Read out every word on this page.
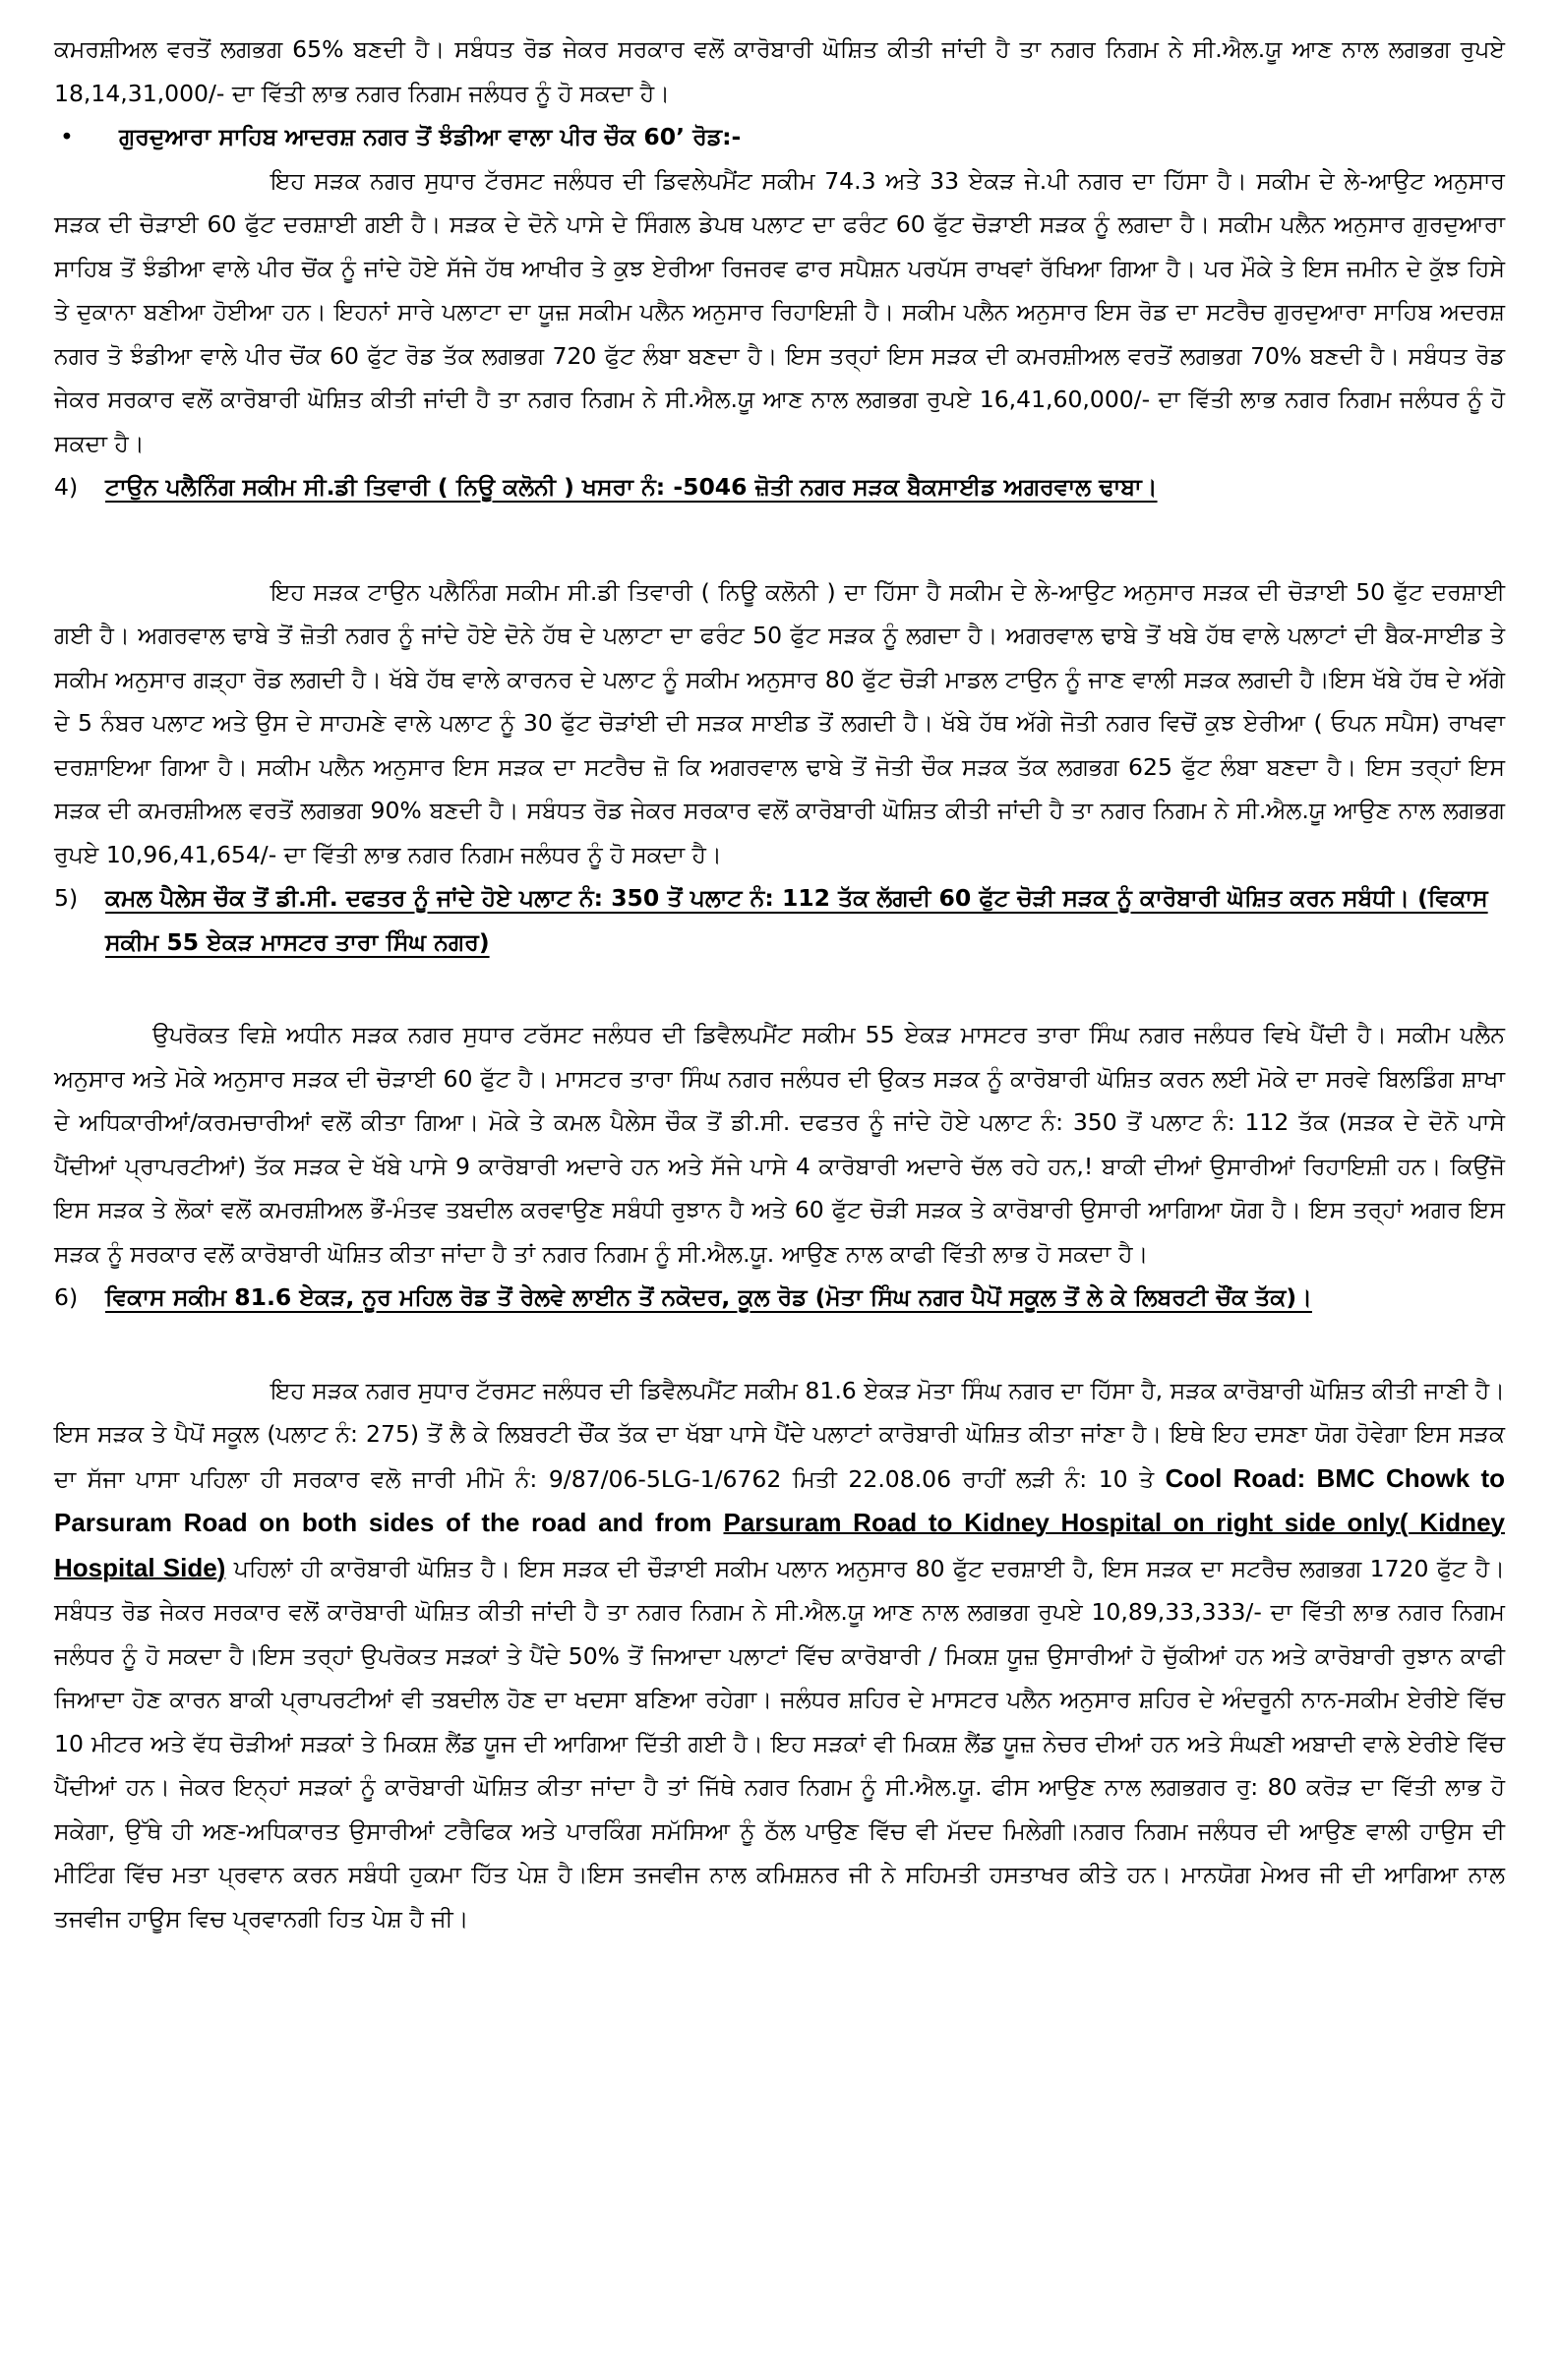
ਕਮਰਸ਼ੀਅਲ ਵਰਤੋਂ ਲਗਭਗ 65% ਬਣਦੀ ਹੈ। ਸਬੰਧਤ ਰੋਡ ਜੇਕਰ ਸਰਕਾਰ ਵਲੋਂ ਕਾਰੋਬਾਰੀ ਘੋਸ਼ਿਤ ਕੀਤੀ ਜਾਂਦੀ ਹੈ ਤਾ ਨਗਰ ਨਿਗਮ ਨੇ ਸੀ.ਐਲ.ਯੂ ਆਣ ਨਾਲ ਲਗਭਗ ਰੁਪਏ 18,14,31,000/- ਦਾ ਵਿੱਤੀ ਲਾਭ ਨਗਰ ਨਿਗਮ ਜਲੰਧਰ ਨੂੰ ਹੋ ਸਕਦਾ ਹੈ।

•	ਗੁਰਦੁਆਰਾ ਸਾਹਿਬ ਆਦਰਸ਼ ਨਗਰ ਤੋਂ ਝੰਡੀਆ ਵਾਲਾ ਪੀਰ ਚੌਕ 60’ ਰੋਡ:-

ਇਹ ਸੜਕ ਨਗਰ ਸੁਧਾਰ ਟੱਰਸਟ ਜਲੰਧਰ ਦੀ ਡਿਵਲੇਪਮੈਂਟ ਸਕੀਮ 74.3 ਅਤੇ 33 ਏਕੜ ਜੇ.ਪੀ ਨਗਰ ਦਾ ਹਿੱਸਾ ਹੈ। ਸਕੀਮ ਦੇ ਲੇ-ਆਉਟ ਅਨੁਸਾਰ ਸੜਕ ਦੀ ਚੋੜਾਈ 60 ਫੁੱਟ ਦਰਸ਼ਾਈ ਗਈ ਹੈ। ਸੜਕ ਦੇ ਦੋਨੇ ਪਾਸੇ ਦੇ ਸਿੰਗਲ ਡੇਪਥ ਪਲਾਟ ਦਾ ਫਰੰਟ 60 ਫੁੱਟ ਚੋੜਾਈ ਸੜਕ ਨੂੰ ਲਗਦਾ ਹੈ। ਸਕੀਮ ਪਲੈਨ ਅਨੁਸਾਰ ਗੁਰਦੁਆਰਾ ਸਾਹਿਬ ਤੋਂ ਝੰਡੀਆ ਵਾਲੇ ਪੀਰ ਚੋਂਕ ਨੂੰ ਜਾਂਦੇ ਹੋਏ ਸੱਜੇ ਹੱਥ ਆਖੀਰ ਤੇ ਕੁਝ ਏਰੀਆ ਰਿਜਰਵ ਫਾਰ ਸਪੈਸ਼ਨ ਪਰਪੱਸ ਰਾਖਵਾਂ ਰੱਖਿਆ ਗਿਆ ਹੈ। ਪਰ ਮੌਕੇ ਤੇ ਇਸ ਜਮੀਨ ਦੇ ਕੁੱਝ ਹਿਸੇ ਤੇ ਦੁਕਾਨਾ ਬਣੀਆ ਹੋਈਆ ਹਨ। ਇਹਨਾਂ ਸਾਰੇ ਪਲਾਟਾ ਦਾ ਯੂਜ਼ ਸਕੀਮ ਪਲੈਨ ਅਨੁਸਾਰ ਰਿਹਾਇਸ਼ੀ ਹੈ। ਸਕੀਮ ਪਲੈਨ ਅਨੁਸਾਰ ਇਸ ਰੋਡ ਦਾ ਸਟਰੈਚ ਗੁਰਦੁਆਰਾ ਸਾਹਿਬ ਅਦਰਸ਼ ਨਗਰ ਤੋ ਝੰਡੀਆ ਵਾਲੇ ਪੀਰ ਚੋਂਕ 60 ਫੁੱਟ ਰੋਡ ਤੱਕ ਲਗਭਗ 720 ਫੁੱਟ ਲੰਬਾ ਬਣਦਾ ਹੈ। ਇਸ ਤਰ੍ਹਾਂ ਇਸ ਸੜਕ ਦੀ ਕਮਰਸ਼ੀਅਲ ਵਰਤੋਂ ਲਗਭਗ 70% ਬਣਦੀ ਹੈ। ਸਬੰਧਤ ਰੋਡ ਜੇਕਰ ਸਰਕਾਰ ਵਲੋਂ ਕਾਰੋਬਾਰੀ ਘੋਸ਼ਿਤ ਕੀਤੀ ਜਾਂਦੀ ਹੈ ਤਾ ਨਗਰ ਨਿਗਮ ਨੇ ਸੀ.ਐਲ.ਯੂ ਆਣ ਨਾਲ ਲਗਭਗ ਰੁਪਏ 16,41,60,000/- ਦਾ ਵਿੱਤੀ ਲਾਭ ਨਗਰ ਨਿਗਮ ਜਲੰਧਰ ਨੂੰ ਹੋ ਸਕਦਾ ਹੈ।

4)	ਟਾਉਨ ਪਲੈਨਿੰਗ ਸਕੀਮ ਸੀ.ਡੀ ਤਿਵਾਰੀ ( ਨਿਊ ਕਲੋਨੀ ) ਖਸਰਾ ਨੰ: -5046 ਜ਼ੋਤੀ ਨਗਰ ਸੜਕ ਬੈਕਸਾਈਡ ਅਗਰਵਾਲ ਢਾਬਾ।

ਇਹ ਸੜਕ ਟਾਉਨ ਪਲੈਨਿੰਗ ਸਕੀਮ ਸੀ.ਡੀ ਤਿਵਾਰੀ ( ਨਿਊ ਕਲੋਨੀ ) ਦਾ ਹਿੱਸਾ ਹੈ ਸਕੀਮ ਦੇ ਲੇ-ਆਉਟ ਅਨੁਸਾਰ ਸੜਕ ਦੀ ਚੋੜਾਈ 50 ਫੁੱਟ ਦਰਸ਼ਾਈ ਗਈ ਹੈ। ਅਗਰਵਾਲ ਢਾਬੇ ਤੋਂ ਜ਼ੋਤੀ ਨਗਰ ਨੂੰ ਜਾਂਦੇ ਹੋਏ ਦੋਨੇ ਹੱਥ ਦੇ ਪਲਾਟਾ ਦਾ ਫਰੰਟ 50 ਫੁੱਟ ਸੜਕ ਨੂੰ ਲਗਦਾ ਹੈ। ਅਗਰਵਾਲ ਢਾਬੇ ਤੋਂ ਖਬੇ ਹੱਥ ਵਾਲੇ ਪਲਾਟਾਂ ਦੀ ਬੈਕ-ਸਾਈਡ ਤੇ ਸਕੀਮ ਅਨੁਸਾਰ ਗੜ੍ਹਾ ਰੋਡ ਲਗਦੀ ਹੈ। ਖੱਬੇ ਹੱਥ ਵਾਲੇ ਕਾਰਨਰ ਦੇ ਪਲਾਟ ਨੂੰ ਸਕੀਮ ਅਨੁਸਾਰ 80 ਫੁੱਟ ਚੋੜੀ ਮਾਡਲ ਟਾਉਨ ਨੂੰ ਜਾਣ ਵਾਲੀ ਸੜਕ ਲਗਦੀ ਹੈ।ਇਸ ਖੱਬੇ ਹੱਥ ਦੇ ਅੱਗੇ ਦੇ 5 ਨੰਬਰ ਪਲਾਟ ਅਤੇ ਉਸ ਦੇ ਸਾਹਮਣੇ ਵਾਲੇ ਪਲਾਟ ਨੂੰ 30 ਫੁੱਟ ਚੋੜਾਂਈ ਦੀ ਸੜਕ ਸਾਈਡ ਤੋਂ ਲਗਦੀ ਹੈ। ਖੱਬੇ ਹੱਥ ਅੱਗੇ ਜੋਤੀ ਨਗਰ ਵਿਚੋਂ ਕੁਝ ਏਰੀਆ ( ਓਪਨ ਸਪੈਸ) ਰਾਖਵਾ ਦਰਸ਼ਾਇਆ ਗਿਆ ਹੈ। ਸਕੀਮ ਪਲੈਨ ਅਨੁਸਾਰ ਇਸ ਸੜਕ ਦਾ ਸਟਰੈਚ ਜ਼ੋ ਕਿ ਅਗਰਵਾਲ ਢਾਬੇ ਤੋਂ ਜੋਤੀ ਚੌਕ ਸੜਕ ਤੱਕ ਲਗਭਗ 625 ਫੁੱਟ ਲੰਬਾ ਬਣਦਾ ਹੈ। ਇਸ ਤਰ੍ਹਾਂ ਇਸ ਸੜਕ ਦੀ ਕਮਰਸ਼ੀਅਲ ਵਰਤੋਂ ਲਗਭਗ 90% ਬਣਦੀ ਹੈ। ਸਬੰਧਤ ਰੋਡ ਜੇਕਰ ਸਰਕਾਰ ਵਲੋਂ ਕਾਰੋਬਾਰੀ ਘੋਸ਼ਿਤ ਕੀਤੀ ਜਾਂਦੀ ਹੈ ਤਾ ਨਗਰ ਨਿਗਮ ਨੇ ਸੀ.ਐਲ.ਯੂ ਆਉਣ ਨਾਲ ਲਗਭਗ ਰੁਪਏ 10,96,41,654/- ਦਾ ਵਿੱਤੀ ਲਾਭ ਨਗਰ ਨਿਗਮ ਜਲੰਧਰ ਨੂੰ ਹੋ ਸਕਦਾ ਹੈ।

5)	ਕਮਲ ਪੈਲੇਸ ਚੌਕ ਤੋਂ ਡੀ.ਸੀ. ਦਫਤਰ ਨੂੰ ਜਾਂਦੇ ਹੋਏ ਪਲਾਟ ਨੰ: 350 ਤੋਂ ਪਲਾਟ ਨੰ: 112 ਤੱਕ ਲੱਗਦੀ 60 ਫੁੱਟ ਚੋੜੀ ਸੜਕ ਨੂੰ ਕਾਰੋਬਾਰੀ ਘੋਸ਼ਿਤ ਕਰਨ ਸਬੰਧੀ। (ਵਿਕਾਸ ਸਕੀਮ 55 ਏਕੜ ਮਾਸਟਰ ਤਾਰਾ ਸਿੰਘ ਨਗਰ)

ਉਪਰੋਕਤ ਵਿਸ਼ੇ ਅਧੀਨ ਸੜਕ ਨਗਰ ਸੁਧਾਰ ਟਰੱਸਟ ਜਲੰਧਰ ਦੀ ਡਿਵੈਲਪਮੈਂਟ ਸਕੀਮ 55 ਏਕੜ ਮਾਸਟਰ ਤਾਰਾ ਸਿੰਘ ਨਗਰ ਜਲੰਧਰ ਵਿਖੇ ਪੈਂਦੀ ਹੈ। ਸਕੀਮ ਪਲੈਨ ਅਨੁਸਾਰ ਅਤੇ ਮੋਕੇ ਅਨੁਸਾਰ ਸੜਕ ਦੀ ਚੋੜਾਈ 60 ਫੁੱਟ ਹੈ। ਮਾਸਟਰ ਤਾਰਾ ਸਿੰਘ ਨਗਰ ਜਲੰਧਰ ਦੀ ਉਕਤ ਸੜਕ ਨੂੰ ਕਾਰੋਬਾਰੀ ਘੋਸ਼ਿਤ ਕਰਨ ਲਈ ਮੋਕੇ ਦਾ ਸਰਵੇ ਬਿਲਡਿੰਗ ਸ਼ਾਖਾ ਦੇ ਅਧਿਕਾਰੀਆਂ/ਕਰਮਚਾਰੀਆਂ ਵਲੋਂ ਕੀਤਾ ਗਿਆ। ਮੋਕੇ ਤੇ ਕਮਲ ਪੈਲੇਸ ਚੌਕ ਤੋਂ ਡੀ.ਸੀ. ਦਫਤਰ ਨੂੰ ਜਾਂਦੇ ਹੋਏ ਪਲਾਟ ਨੰ: 350 ਤੋਂ ਪਲਾਟ ਨੰ: 112 ਤੱਕ (ਸੜਕ ਦੇ ਦੋਨੋ ਪਾਸੇ ਪੈਂਦੀਆਂ ਪ੍ਰਾਪਰਟੀਆਂ) ਤੱਕ ਸੜਕ ਦੇ ਖੱਬੇ ਪਾਸੇ 9 ਕਾਰੋਬਾਰੀ ਅਦਾਰੇ ਹਨ ਅਤੇ ਸੱਜੇ ਪਾਸੇ 4 ਕਾਰੋਬਾਰੀ ਅਦਾਰੇ ਚੱਲ ਰਹੇ ਹਨ,! ਬਾਕੀ ਦੀਆਂ ਉਸਾਰੀਆਂ ਰਿਹਾਇਸ਼ੀ ਹਨ। ਕਿਉਂਜੋ ਇਸ ਸੜਕ ਤੇ ਲੋਕਾਂ ਵਲੋਂ ਕਮਰਸ਼ੀਅਲ ਭੌਂ-ਮੰਤਵ ਤਬਦੀਲ ਕਰਵਾਉਣ ਸਬੰਧੀ ਰੁਝਾਨ ਹੈ ਅਤੇ 60 ਫੁੱਟ ਚੋੜੀ ਸੜਕ ਤੇ ਕਾਰੋਬਾਰੀ ਉਸਾਰੀ ਆਗਿਆ ਯੋਗ ਹੈ। ਇਸ ਤਰ੍ਹਾਂ ਅਗਰ ਇਸ ਸੜਕ ਨੂੰ ਸਰਕਾਰ ਵਲੋਂ ਕਾਰੋਬਾਰੀ ਘੋਸ਼ਿਤ ਕੀਤਾ ਜਾਂਦਾ ਹੈ ਤਾਂ ਨਗਰ ਨਿਗਮ ਨੂੰ ਸੀ.ਐਲ.ਯੂ. ਆਉਣ ਨਾਲ ਕਾਫੀ ਵਿੱਤੀ ਲਾਭ ਹੋ ਸਕਦਾ ਹੈ।

6)	ਵਿਕਾਸ ਸਕੀਮ 81.6 ਏਕੜ, ਨੂਰ ਮਹਿਲ ਰੋਡ ਤੋਂ ਰੇਲਵੇ ਲਾਈਨ ਤੋਂ ਨਕੋਦਰ, ਕੂਲ ਰੋਡ (ਮੋਤਾ ਸਿੰਘ ਨਗਰ ਪੈਪੋਂ ਸਕੂਲ ਤੋਂ ਲੇ ਕੇ ਲਿਬਰਟੀ ਚੌਂਕ ਤੱਕ)।

ਇਹ ਸੜਕ ਨਗਰ ਸੁਧਾਰ ਟੱਰਸਟ ਜਲੰਧਰ ਦੀ ਡਿਵੈਲਪਮੈਂਟ ਸਕੀਮ 81.6 ਏਕੜ ਮੋਤਾ ਸਿੰਘ ਨਗਰ ਦਾ ਹਿੱਸਾ ਹੈ, ਸੜਕ ਕਾਰੋਬਾਰੀ ਘੋਸ਼ਿਤ ਕੀਤੀ ਜਾਣੀ ਹੈ। ਇਸ ਸੜਕ ਤੇ ਪੈਪੋਂ ਸਕੂਲ (ਪਲਾਟ ਨੰ: 275) ਤੋਂ ਲੈ ਕੇ ਲਿਬਰਟੀ ਚੌਂਕ ਤੱਕ ਦਾ ਖੱਬਾ ਪਾਸੇ ਪੈਂਦੇ ਪਲਾਟਾਂ ਕਾਰੋਬਾਰੀ ਘੋਸ਼ਿਤ ਕੀਤਾ ਜਾਂਣਾ ਹੈ। ਇਥੇ ਇਹ ਦਸਣਾ ਯੋਗ ਹੋਵੇਗਾ ਇਸ ਸੜਕ ਦਾ ਸੱਜਾ ਪਾਸਾ ਪਹਿਲਾ ਹੀ ਸਰਕਾਰ ਵਲੋ ਜਾਰੀ ਮੀਮੋ ਨੰ: 9/87/06-5LG-1/6762 ਮਿਤੀ 22.08.06 ਰਾਹੀਂ ਲੜੀ ਨੰ: 10 ਤੇ Cool Road: BMC Chowk to Parsuram Road on both sides of the road and from Parsuram Road to Kidney Hospital on right side only( Kidney Hospital Side) ਪਹਿਲਾਂ ਹੀ ਕਾਰੋਬਾਰੀ ਘੋਸ਼ਿਤ ਹੈ। ਇਸ ਸੜਕ ਦੀ ਚੌੜਾਈ ਸਕੀਮ ਪਲਾਨ ਅਨੁਸਾਰ 80 ਫੁੱਟ ਦਰਸ਼ਾਈ ਹੈ, ਇਸ ਸੜਕ ਦਾ ਸਟਰੈਚ ਲਗਭਗ 1720 ਫੁੱਟ ਹੈ।ਸਬੰਧਤ ਰੋਡ ਜੇਕਰ ਸਰਕਾਰ ਵਲੋਂ ਕਾਰੋਬਾਰੀ ਘੋਸ਼ਿਤ ਕੀਤੀ ਜਾਂਦੀ ਹੈ ਤਾ ਨਗਰ ਨਿਗਮ ਨੇ ਸੀ.ਐਲ.ਯੂ ਆਣ ਨਾਲ ਲਗਭਗ ਰੁਪਏ 10,89,33,333/- ਦਾ ਵਿੱਤੀ ਲਾਭ ਨਗਰ ਨਿਗਮ ਜਲੰਧਰ ਨੂੰ ਹੋ ਸਕਦਾ ਹੈ।ਇਸ ਤਰ੍ਹਾਂ ਉਪਰੋਕਤ ਸੜਕਾਂ ਤੇ ਪੈਂਦੇ 50% ਤੋਂ ਜਿਆਦਾ ਪਲਾਟਾਂ ਵਿੱਚ ਕਾਰੋਬਾਰੀ / ਮਿਕਸ਼ ਯੂਜ਼ ਉਸਾਰੀਆਂ ਹੋ ਚੁੱਕੀਆਂ ਹਨ ਅਤੇ ਕਾਰੋਬਾਰੀ ਰੁਝਾਨ ਕਾਫੀ ਜਿਆਦਾ ਹੋਣ ਕਾਰਨ ਬਾਕੀ ਪ੍ਰਾਪਰਟੀਆਂ ਵੀ ਤਬਦੀਲ ਹੋਣ ਦਾ ਖਦਸਾ ਬਣਿਆ ਰਹੇਗਾ। ਜਲੰਧਰ ਸ਼ਹਿਰ ਦੇ ਮਾਸਟਰ ਪਲੈਨ ਅਨੁਸਾਰ ਸ਼ਹਿਰ ਦੇ ਅੰਦਰੂਨੀ ਨਾਨ-ਸਕੀਮ ਏਰੀਏ ਵਿੱਚ 10 ਮੀਟਰ ਅਤੇ ਵੱਧ ਚੋੜੀਆਂ ਸੜਕਾਂ ਤੇ ਮਿਕਸ਼ ਲੈਂਡ ਯੂਜ ਦੀ ਆਗਿਆ ਦਿੱਤੀ ਗਈ ਹੈ। ਇਹ ਸੜਕਾਂ ਵੀ ਮਿਕਸ਼ ਲੈਂਡ ਯੂਜ਼ ਨੇਚਰ ਦੀਆਂ ਹਨ ਅਤੇ ਸੰਘਣੀ ਅਬਾਦੀ ਵਾਲੇ ਏਰੀਏ ਵਿੱਚ ਪੈਂਦੀਆਂ ਹਨ। ਜੇਕਰ ਇਨ੍ਹਾਂ ਸੜਕਾਂ ਨੂੰ ਕਾਰੋਬਾਰੀ ਘੋਸ਼ਿਤ ਕੀਤਾ ਜਾਂਦਾ ਹੈ ਤਾਂ ਜਿੱਥੇ ਨਗਰ ਨਿਗਮ ਨੂੰ ਸੀ.ਐਲ.ਯੂ. ਫੀਸ ਆਉਣ ਨਾਲ ਲਗਭਗਰ ਰੁ: 80 ਕਰੋੜ ਦਾ ਵਿੱਤੀ ਲਾਭ ਹੋ ਸਕੇਗਾ, ਉੱਥੇ ਹੀ ਅਣ-ਅਧਿਕਾਰਤ ਉਸਾਰੀਆਂ ਟਰੈਫਿਕ ਅਤੇ ਪਾਰਕਿੰਗ ਸਮੱਸਿਆ ਨੂੰ ਠੱਲ ਪਾਉਣ ਵਿੱਚ ਵੀ ਮੱਦਦ ਮਿਲੇਗੀ।ਨਗਰ ਨਿਗਮ ਜਲੰਧਰ ਦੀ ਆਉਣ ਵਾਲੀ ਹਾਉਸ ਦੀ ਮੀਟਿੰਗ ਵਿੱਚ ਮਤਾ ਪ੍ਰਵਾਨ ਕਰਨ ਸਬੰਧੀ ਹੁਕਮਾ ਹਿੱਤ ਪੇਸ਼ ਹੈ।ਇਸ ਤਜਵੀਜ ਨਾਲ ਕਮਿਸ਼ਨਰ ਜੀ ਨੇ ਸਹਿਮਤੀ ਹਸਤਾਖਰ ਕੀਤੇ ਹਨ। ਮਾਨਯੋਗ ਮੇਅਰ ਜੀ ਦੀ ਆਗਿਆ ਨਾਲ ਤਜਵੀਜ ਹਾਊਸ ਵਿਚ ਪ੍ਰਵਾਨਗੀ ਹਿਤ ਪੇਸ਼ ਹੈ ਜੀ।
